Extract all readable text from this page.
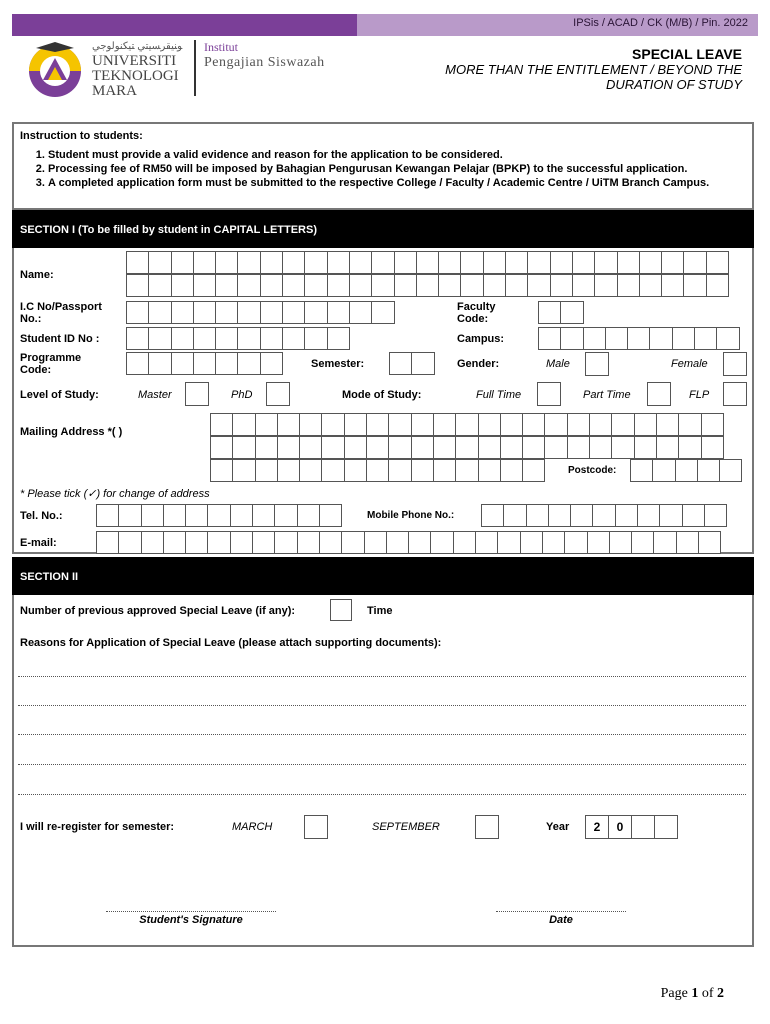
IPSis / ACAD / CK (M/B) / Pin. 2022
ﻮﻨﻴﻘﺮﺴﻴﺘﻲ ﺘﻴﻜﻨﻮﻟﻮﺟﻲ
UNIVERSITI
TEKNOLOGI
MARA
Institut
Pengajian Siswazah
SPECIAL LEAVE
MORE THAN THE ENTITLEMENT / BEYOND THE
DURATION OF STUDY
Instruction to students:
1. Student must provide a valid evidence and reason for the application to be considered.
2. Processing fee of RM50 will be imposed by Bahagian Pengurusan Kewangan Pelajar (BPKP) to the successful application.
3. A completed application form must be submitted to the respective College / Faculty / Academic Centre / UiTM Branch Campus.
SECTION I (To be filled by student in CAPITAL LETTERS)
Name:
I.C No/Passport
No.:
Faculty
Code:
Student ID No :	Campus:
Programme
Code:	Semester:	Gender:	Male	Female
Level of Study:	Master	PhD	Mode of Study:	Full Time	Part Time	FLP
Mailing Address *( )
Postcode:
* Please tick (✓) for change of address
Tel. No.:	Mobile Phone No.:
E-mail:
SECTION II
Number of previous approved Special Leave (if any):	Time
Reasons for Application of Special Leave (please attach supporting documents):
I will re-register for semester:	MARCH	SEPTEMBER	Year	2	0
Student's Signature	Date
Page 1 of 2
